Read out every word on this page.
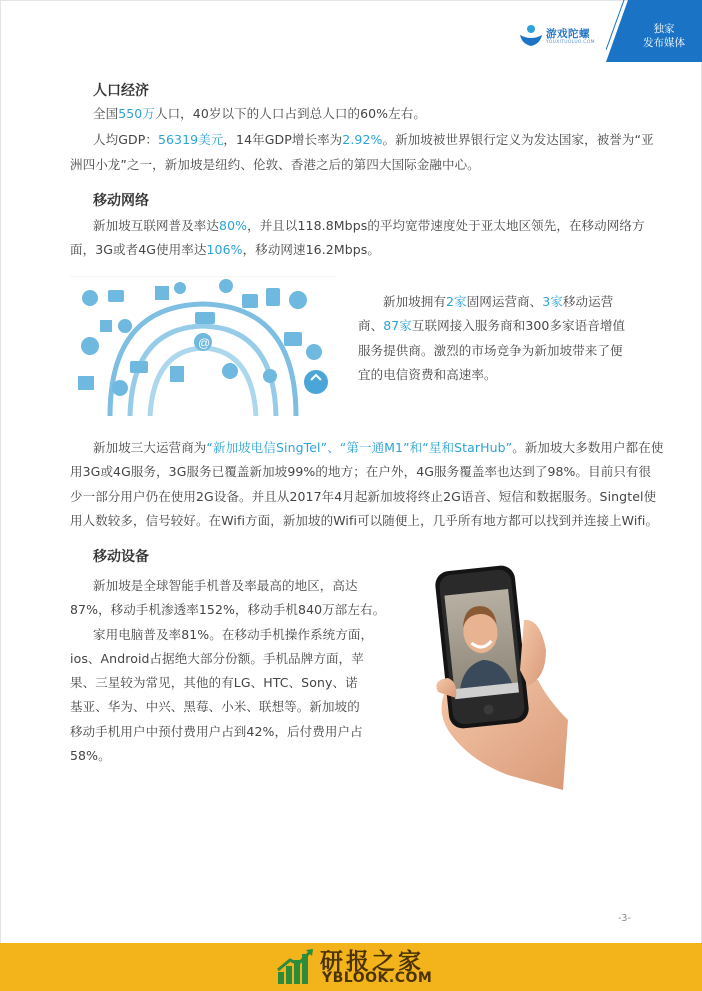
游戏陀螺
YOUXITUOLUO.COM
独家
发布媒体
人口经济

全国550万人口，40岁以下的人口占到总人口的60%左右。

人均GDP：56319美元，14年GDP增长率为2.92%。新加坡被世界银行定义为发达国家，被誉为“亚

洲四小龙”之一，新加坡是纽约、伦敦、香港之后的第四大国际金融中心。

移动网络

新加坡互联网普及率达80%，并且以118.8Mbps的平均宽带速度处于亚太地区领先，在移动网络方

面，3G或者4G使用率达106%，移动网速16.2Mbps。

@

新加坡拥有2家固网运营商、3家移动运营

商、87家互联网接入服务商和300多家语音增值

服务提供商。激烈的市场竞争为新加坡带来了便

宜的电信资费和高速率。

新加坡三大运营商为“新加坡电信SingTel”、“第一通M1”和“星和StarHub”。新加坡大多数用户都在使

用3G或4G服务，3G服务已覆盖新加坡99%的地方；在户外，4G服务覆盖率也达到了98%。目前只有很

少一部分用户仍在使用2G设备。并且从2017年4月起新加坡将终止2G语音、短信和数据服务。Singtel使

用人数较多，信号较好。在Wifi方面，新加坡的Wifi可以随便上，几乎所有地方都可以找到并连接上Wifi。

移动设备

新加坡是全球智能手机普及率最高的地区，高达

87%，移动手机渗透率152%，移动手机840万部左右。

家用电脑普及率81%。在移动手机操作系统方面，

ios、Android占据绝大部分份额。手机品牌方面，苹

果、三星较为常见，其他的有LG、HTC、Sony、诺

基亚、华为、中兴、黑莓、小米、联想等。新加坡的

移动手机用户中预付费用户占到42%，后付费用户占

58%。

-3-
研报之家
YBLOOK.COM
